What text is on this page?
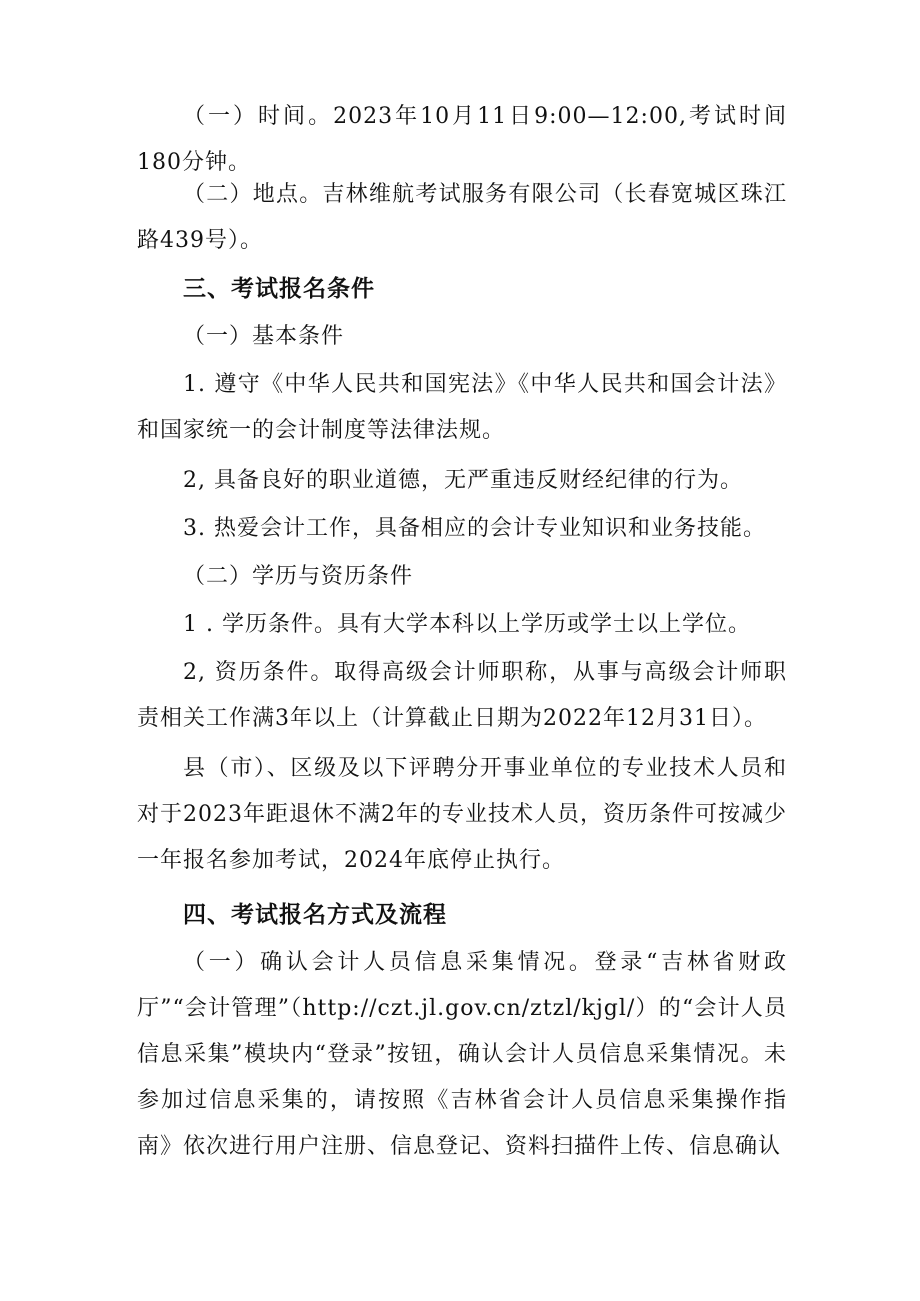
（一）时间。2023年10月11日9:00—12:00,考试时间180分钟。

（二）地点。吉林维航考试服务有限公司（长春宽城区珠江路439号）。

三、考试报名条件

（一）基本条件

1. 遵守《中华人民共和国宪法》《中华人民共和国会计法》和国家统一的会计制度等法律法规。

2, 具备良好的职业道德，无严重违反财经纪律的行为。

3. 热爱会计工作，具备相应的会计专业知识和业务技能。

（二）学历与资历条件

1 . 学历条件。具有大学本科以上学历或学士以上学位。

2, 资历条件。取得高级会计师职称，从事与高级会计师职责相关工作满3年以上（计算截止日期为2022年12月31日）。

县（市）、区级及以下评聘分开事业单位的专业技术人员和对于2023年距退休不满2年的专业技术人员，资历条件可按减少一年报名参加考试，2024年底停止执行。

四、考试报名方式及流程

（一）确认会计人员信息采集情况。登录“吉林省财政厅”“会计管理”（http://czt.jl.gov.cn/ztzl/kjgl/）的“会计人员信息采集”模块内“登录”按钮，确认会计人员信息采集情况。未参加过信息采集的，请按照《吉林省会计人员信息采集操作指南》依次进行用户注册、信息登记、资料扫描件上传、信息确认
